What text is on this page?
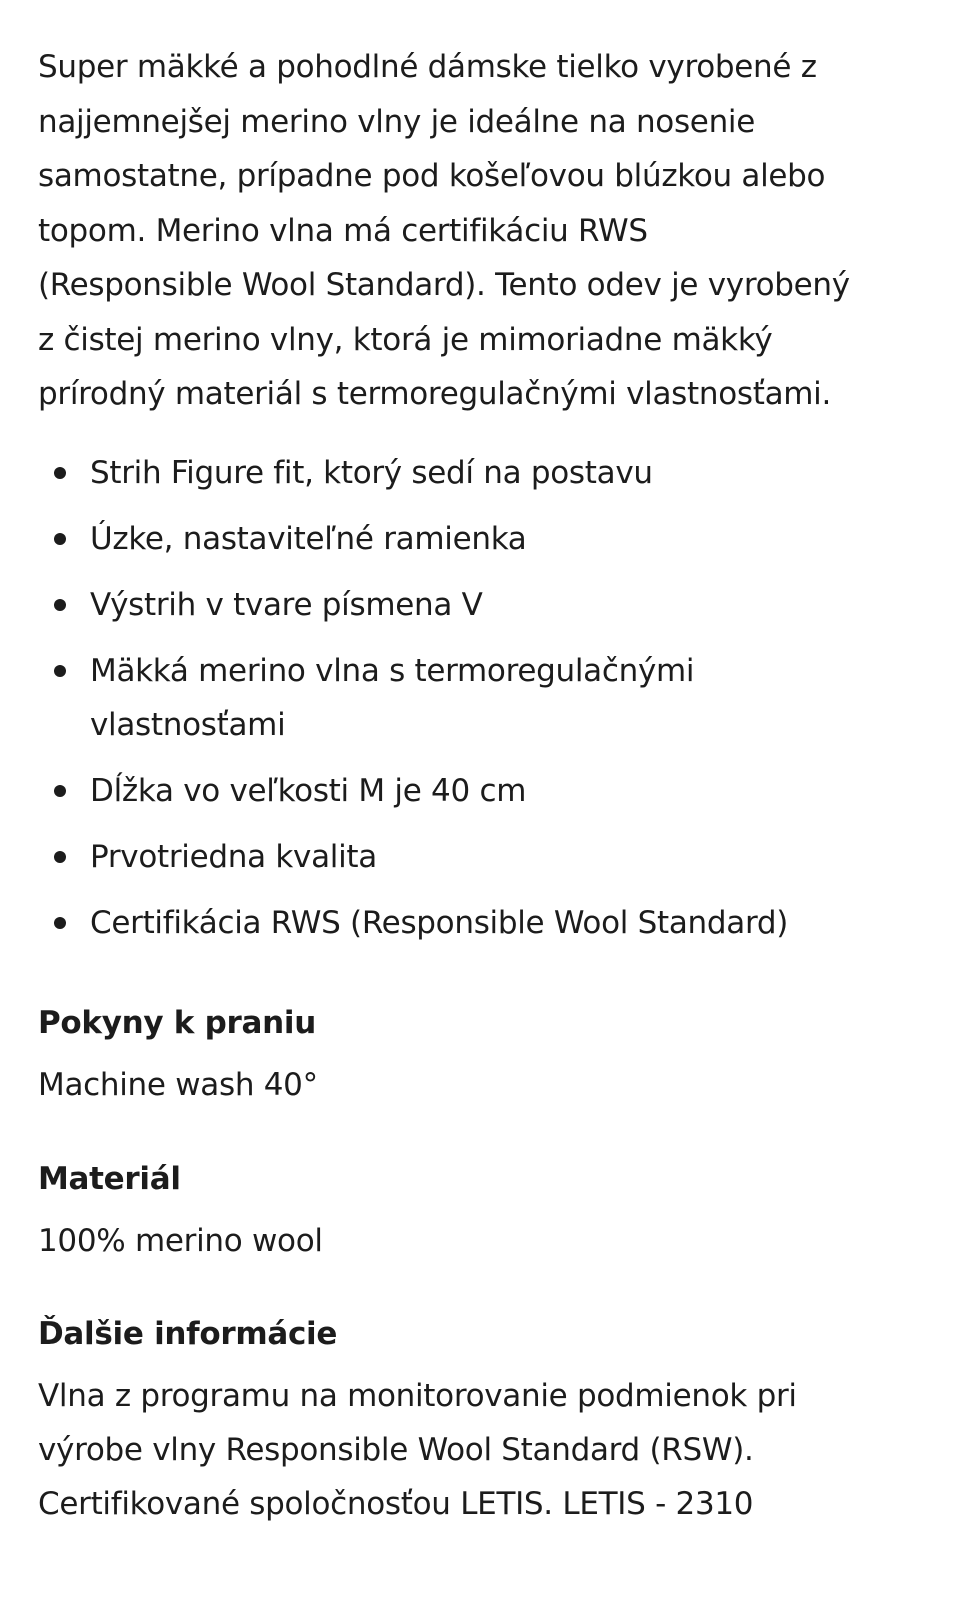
Super mäkké a pohodlné dámske tielko vyrobené z
najjemnejšej merino vlny je ideálne na nosenie
samostatne, prípadne pod košeľovou blúzkou alebo
topom. Merino vlna má certifikáciu RWS
(Responsible Wool Standard). Tento odev je vyrobený
z čistej merino vlny, ktorá je mimoriadne mäkký
prírodný materiál s termoregulačnými vlastnosťami.

Strih Figure fit, ktorý sedí na postavu
Úzke, nastaviteľné ramienka
Výstrih v tvare písmena V
Mäkká merino vlna s termoregulačnými vlastnosťami
Dĺžka vo veľkosti M je 40 cm
Prvotriedna kvalita
Certifikácia RWS (Responsible Wool Standard)
Pokyny k praniu

Machine wash 40°

Materiál

100% merino wool

Ďalšie informácie

Vlna z programu na monitorovanie podmienok pri
výrobe vlny Responsible Wool Standard (RSW).
Certifikované spoločnosťou LETIS. LETIS - 2310
